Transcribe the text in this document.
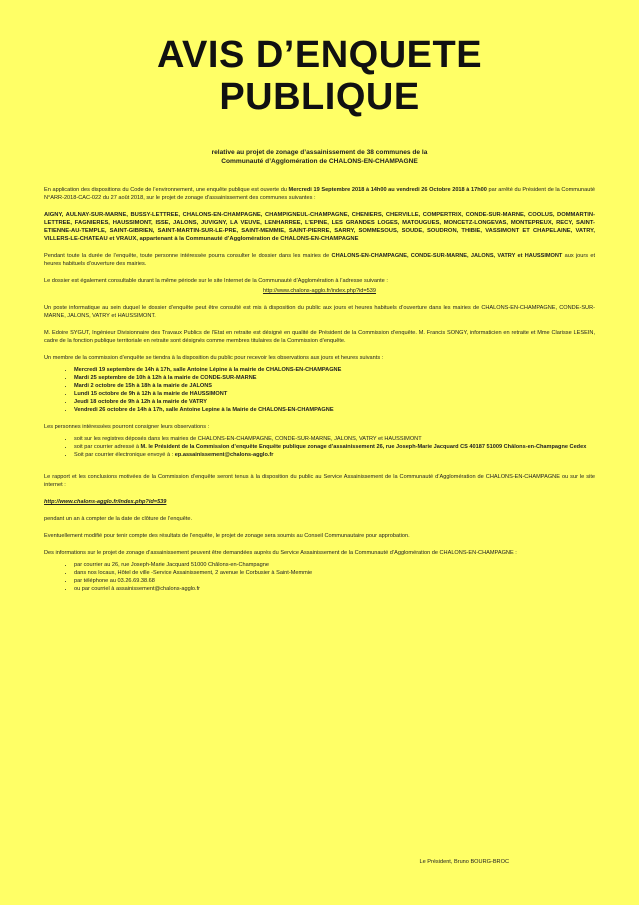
AVIS D’ENQUETE
PUBLIQUE
relative au projet de zonage d’assainissement de 38 communes de la
Communauté d’Agglomération de CHALONS-EN-CHAMPAGNE

En application des dispositions du Code de l’environnement, une enquête publique est ouverte du Mercredi 19 Septembre 2018 à 14h00 au vendredi 26 Octobre 2018 à 17h00 par arrêté du Président de la Communauté N°ARR-2018-CAC-022 du 27 août 2018, sur le projet de zonage d’assainissement des communes suivantes :

AIGNY, AULNAY-SUR-MARNE, BUSSY-LETTREE, CHALONS-EN-CHAMPAGNE, CHAMPIGNEUL-CHAMPAGNE, CHENIERS, CHERVILLE, COMPERTRIX, CONDE-SUR-MARNE, COOLUS, DOMMARTIN-LETTREE, FAGNIERES, HAUSSIMONT, ISSE, JALONS, JUVIGNY, LA VEUVE, LENHARREE, L’EPINE, LES GRANDES LOGES, MATOUGUES, MONCETZ-LONGEVAS, MONTEPREUX, RECY, SAINT-ETIENNE-AU-TEMPLE, SAINT-GIBRIEN, SAINT-MARTIN-SUR-LE-PRE, SAINT-MEMMIE, SAINT-PIERRE, SARRY, SOMMESOUS, SOUDE, SOUDRON, THIBIE, VASSIMONT ET CHAPELAINE, VATRY, VILLERS-LE-CHATEAU et VRAUX, appartenant à la Communauté d’Agglomération de CHALONS-EN-CHAMPAGNE

Pendant toute la durée de l’enquête, toute personne intéressée pourra consulter le dossier dans les mairies de CHALONS-EN-CHAMPAGNE, CONDE-SUR-MARNE, JALONS, VATRY et HAUSSIMONT aux jours et heures habituels d’ouverture des mairies.

Le dossier est également consultable durant la même période sur le site Internet de la Communauté d’Agglomération à l’adresse suivante :

http://www.chalons-agglo.fr/index.php?id=539

Un poste informatique au sein duquel le dossier d’enquête peut être consulté est mis à disposition du public aux jours et heures habituels d’ouverture dans les mairies de CHALONS-EN-CHAMPAGNE, CONDE-SUR-MARNE, JALONS, VATRY et HAUSSIMONT.

M. Edoire SYGUT, Ingénieur Divisionnaire des Travaux Publics de l’Etat en retraite est désigné en qualité de Président de la Commission d’enquête. M. Francis SONGY, informaticien en retraite et Mme Clarisse LESEIN, cadre de la fonction publique territoriale en retraite sont désignés comme membres titulaires de la Commission d’enquête.

Un membre de la commission d’enquête se tiendra à la disposition du public pour recevoir les observations aux jours et heures suivants :

• Mercredi 19 septembre de 14h à 17h, salle Antoine Lépine à la mairie de CHALONS-EN-CHAMPAGNE
• Mardi 25 septembre de 10h à 12h à la mairie de CONDE-SUR-MARNE
• Mardi 2 octobre de 15h à 18h à la mairie de JALONS
• Lundi 15 octobre de 9h à 12h à la mairie de HAUSSIMONT
• Jeudi 18 octobre de 9h à 12h à la mairie de VATRY
• Vendredi 26 octobre de 14h à 17h, salle Antoine Lepine à la Mairie de CHALONS-EN-CHAMPAGNE

Les personnes intéressées pourront consigner leurs observations :

• soit sur les registres déposés dans les mairies de CHALONS-EN-CHAMPAGNE, CONDE-SUR-MARNE, JALONS, VATRY et HAUSSIMONT
• soit par courrier adressé à M. le Président de la Commission d’enquête Enquête publique zonage d’assainissement 26, rue Joseph-Marie Jacquard CS 40187 51009 Châlons-en-Champagne Cedex
• Soit par courrier électronique envoyé à : ep.assainissement@chalons-agglo.fr

Le rapport et les conclusions motivées de la Commission d’enquête seront tenus à la disposition du public au Service Assainissement de la Communauté d’Agglomération de CHALONS-EN-CHAMPAGNE ou sur le site internet :

http://www.chalons-agglo.fr/index.php?id=539

pendant un an à compter de la date de clôture de l’enquête.

Eventuellement modifié pour tenir compte des résultats de l’enquête, le projet de zonage sera soumis au Conseil Communautaire pour approbation.

Des informations sur le projet de zonage d’assainissement peuvent être demandées auprès du Service Assainissement de la Communauté d’Agglomération de CHALONS-EN-CHAMPAGNE :

• par courrier au 26, rue Joseph-Marie Jacquard 51000 Châlons-en-Champagne
• dans nos locaux, Hôtel de ville -Service Assainissement, 2 avenue le Corbusier à Saint-Memmie
• par téléphone au 03.26.69.38.68
• ou par courriel à assainissement@chalons-agglo.fr
Le Président, Bruno BOURG-BROC
